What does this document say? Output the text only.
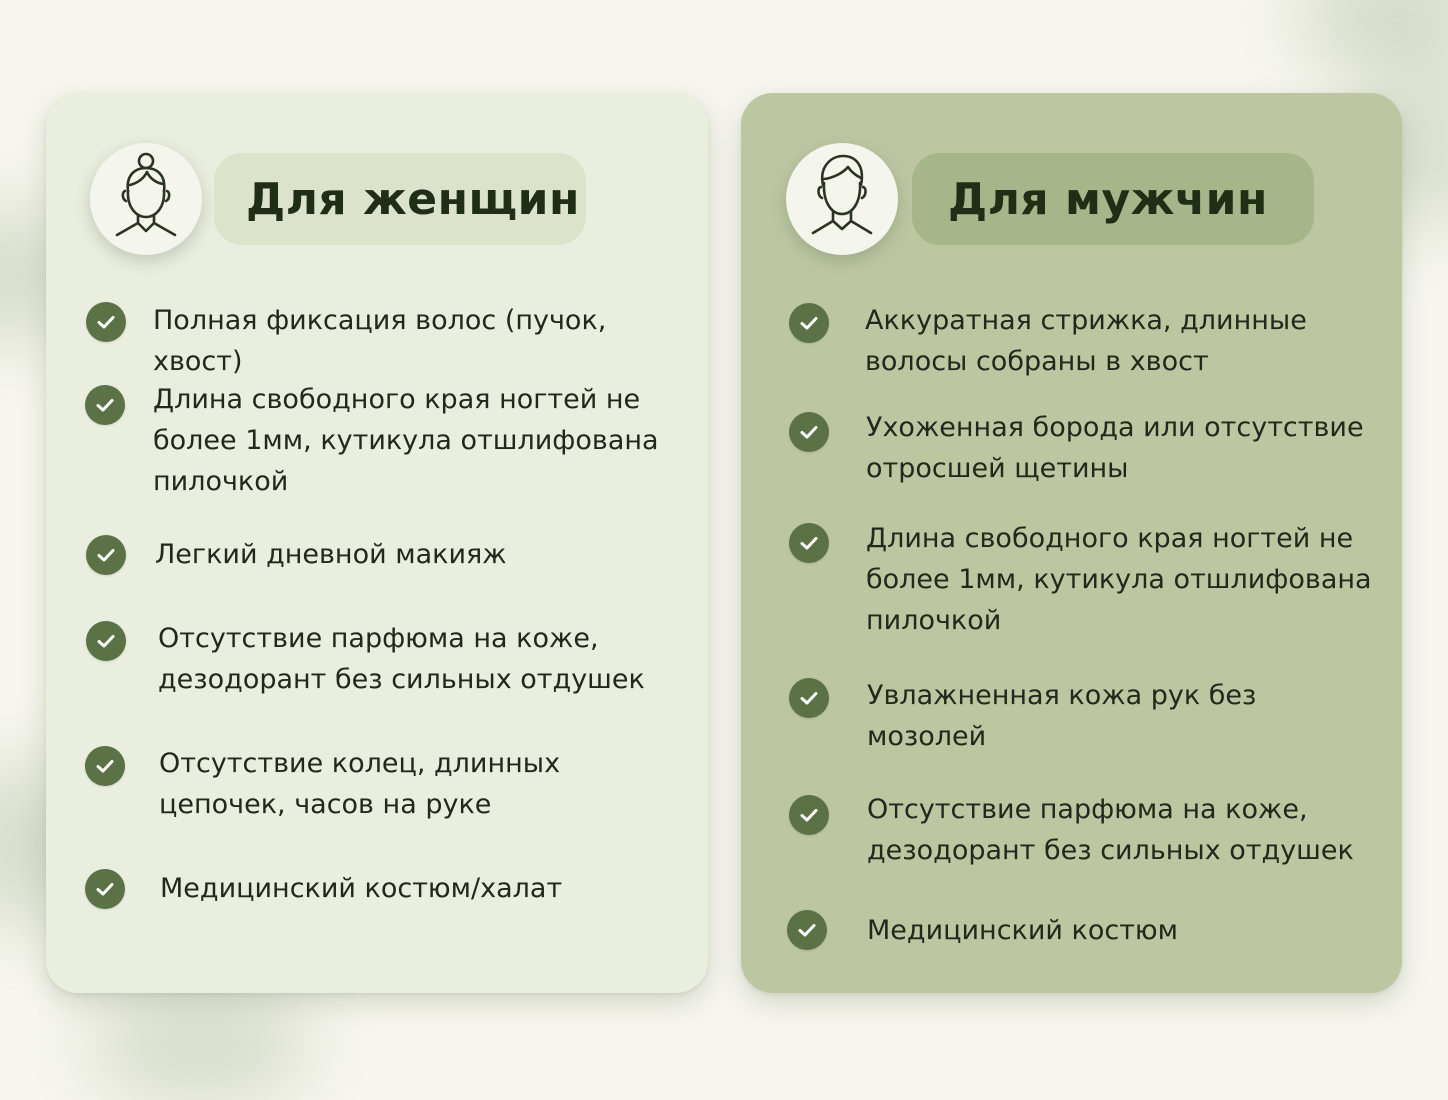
Для женщин
Полная фиксация волос (пучок, хвост)
Длина свободного края ногтей не более 1мм, кутикула отшлифована пилочкой
Легкий дневной макияж
Отсутствие парфюма на коже, дезодорант без сильных отдушек
Отсутствие колец, длинных цепочек, часов на руке
Медицинский костюм/халат
Для мужчин
Аккуратная стрижка, длинные волосы собраны в хвост
Ухоженная борода или отсутствие отросшей щетины
Длина свободного края ногтей не более 1мм, кутикула отшлифована пилочкой
Увлажненная кожа рук без мозолей
Отсутствие парфюма на коже, дезодорант без сильных отдушек
Медицинский костюм
